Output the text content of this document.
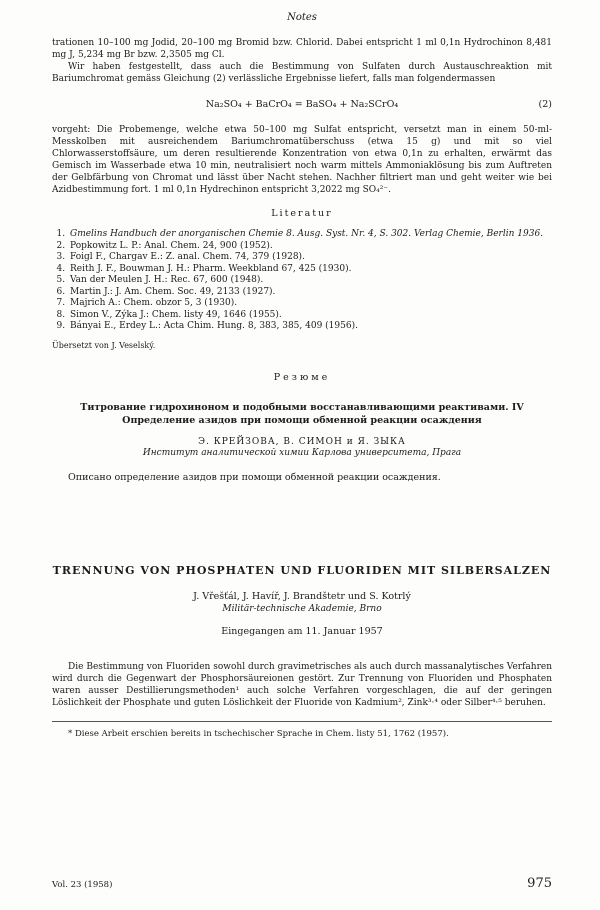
Notes

trationen 10–100 mg Jodid, 20–100 mg Bromid bzw. Chlorid. Dabei entspricht 1 ml 0,1n Hydrochinon 8,481 mg J, 5,234 mg Br bzw. 2,3505 mg Cl.

Wir haben festgestellt, dass auch die Bestimmung von Sulfaten durch Austauschreaktion mit Bariumchromat gemäss Gleichung (2) verlässliche Ergebnisse liefert, falls man folgendermassen

Na₂SO₄ + BaCrO₄ = BaSO₄ + Na₂SCrO₄	(2)

vorgeht: Die Probemenge, welche etwa 50–100 mg Sulfat entspricht, versetzt man in einem 50-ml-Messkolben mit ausreichendem Bariumchromatüberschuss (etwa 15 g) und mit so viel Chlorwasserstoffsäure, um deren resultierende Konzentration von etwa 0,1n zu erhalten, erwärmt das Gemisch im Wasserbade etwa 10 min, neutralisiert noch warm mittels Ammoniaklösung bis zum Auftreten der Gelbfärbung von Chromat und lässt über Nacht stehen. Nachher filtriert man und geht weiter wie bei Azidbestimmung fort. 1 ml 0,1n Hydrechinon entspricht 3,2022 mg SO₄²⁻.

Literatur
1. Gmelins Handbuch der anorganischen Chemie 8. Ausg. Syst. Nr. 4, S. 302. Verlag Chemie, Berlin 1936.
2. Popkowitz L. P.: Anal. Chem. 24, 900 (1952).
3. Foigl F., Chargav E.: Z. anal. Chem. 74, 379 (1928).
4. Reith J. F., Bouwman J. H.: Pharm. Weekbland 67, 425 (1930).
5. Van der Meulen J. H.: Rec. 67, 600 (1948).
6. Martin J.: J. Am. Chem. Soc. 49, 2133 (1927).
7. Majrich A.: Chem. obzor 5, 3 (1930).
8. Simon V., Zýka J.: Chem. listy 49, 1646 (1955).
9. Bányai E., Erdey L.: Acta Chim. Hung. 8, 383, 385, 409 (1956).
Übersetzt von J. Veselský.
Резюме
Титрование гидрохиноном и подобными восстанавливающими реактивами. IV
Определение азидов при помощи обменной реакции осаждения
Э. КРЕЙЗОВА, В. СИМОН и Я. ЗЫКА
Институт аналитической химии Карлова университета, Прага

Описано определение азидов при помощи обменной реакции осаждения.

TRENNUNG VON PHOSPHATEN UND FLUORIDEN MIT SILBERSALZEN
J. Vřešťál, J. Havíř, J. Brandštetr und S. Kotrlý
Militär-technische Akademie, Brno
Eingegangen am 11. Januar 1957

Die Bestimmung von Fluoriden sowohl durch gravimetrisches als auch durch massanalytisches Verfahren wird durch die Gegenwart der Phosphorsäureionen gestört. Zur Trennung von Fluoriden und Phosphaten waren ausser Destillierungsmethoden¹ auch solche Verfahren vorgeschlagen, die auf der geringen Löslichkeit der Phosphate und guten Löslichkeit der Fluoride von Kadmium², Zink³·⁴ oder Silber⁴·⁵ beruhen.

* Diese Arbeit erschien bereits in tschechischer Sprache in Chem. listy 51, 1762 (1957).

Vol. 23 (1958)	975
